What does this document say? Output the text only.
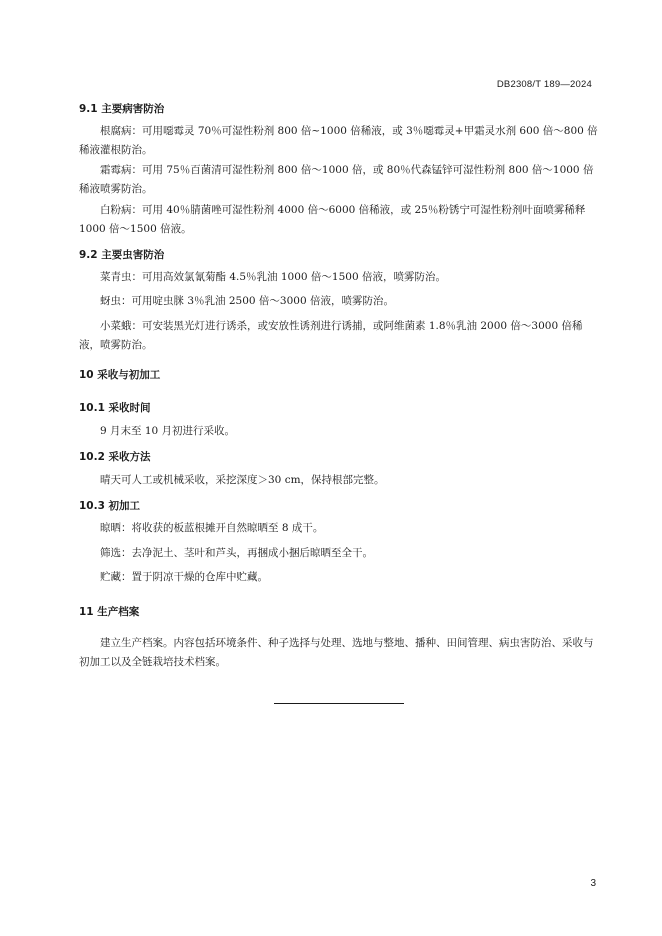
DB2308/T 189—2024
9.1 主要病害防治
根腐病：可用噁霉灵 70％可湿性粉剂 800 倍~1000 倍稀液，或 3％噁霉灵+甲霜灵水剂 600 倍～800 倍稀液灌根防治。
霜霉病：可用 75％百菌清可湿性粉剂 800 倍～1000 倍，或 80％代森锰锌可湿性粉剂 800 倍～1000 倍稀液喷雾防治。
白粉病：可用 40％腈菌唑可湿性粉剂 4000 倍～6000 倍稀液，或 25％粉锈宁可湿性粉剂叶面喷雾稀释 1000 倍～1500 倍液。
9.2 主要虫害防治
菜青虫：可用高效氯氰菊酯 4.5％乳油 1000 倍～1500 倍液，喷雾防治。
蚜虫：可用啶虫脒 3％乳油 2500 倍～3000 倍液，喷雾防治。
小菜蛾：可安装黑光灯进行诱杀，或安放性诱剂进行诱捕，或阿维菌素 1.8％乳油 2000 倍～3000 倍稀液，喷雾防治。
10 采收与初加工
10.1 采收时间
9 月末至 10 月初进行采收。
10.2 采收方法
晴天可人工或机械采收，采挖深度＞30 cm，保持根部完整。
10.3 初加工
晾晒：将收获的板蓝根摊开自然晾晒至 8 成干。
筛选：去净泥土、茎叶和芦头，再捆成小捆后晾晒至全干。
贮藏：置于阴凉干燥的仓库中贮藏。
11 生产档案
建立生产档案。内容包括环境条件、种子选择与处理、选地与整地、播种、田间管理、病虫害防治、采收与初加工以及全链栽培技术档案。
3
